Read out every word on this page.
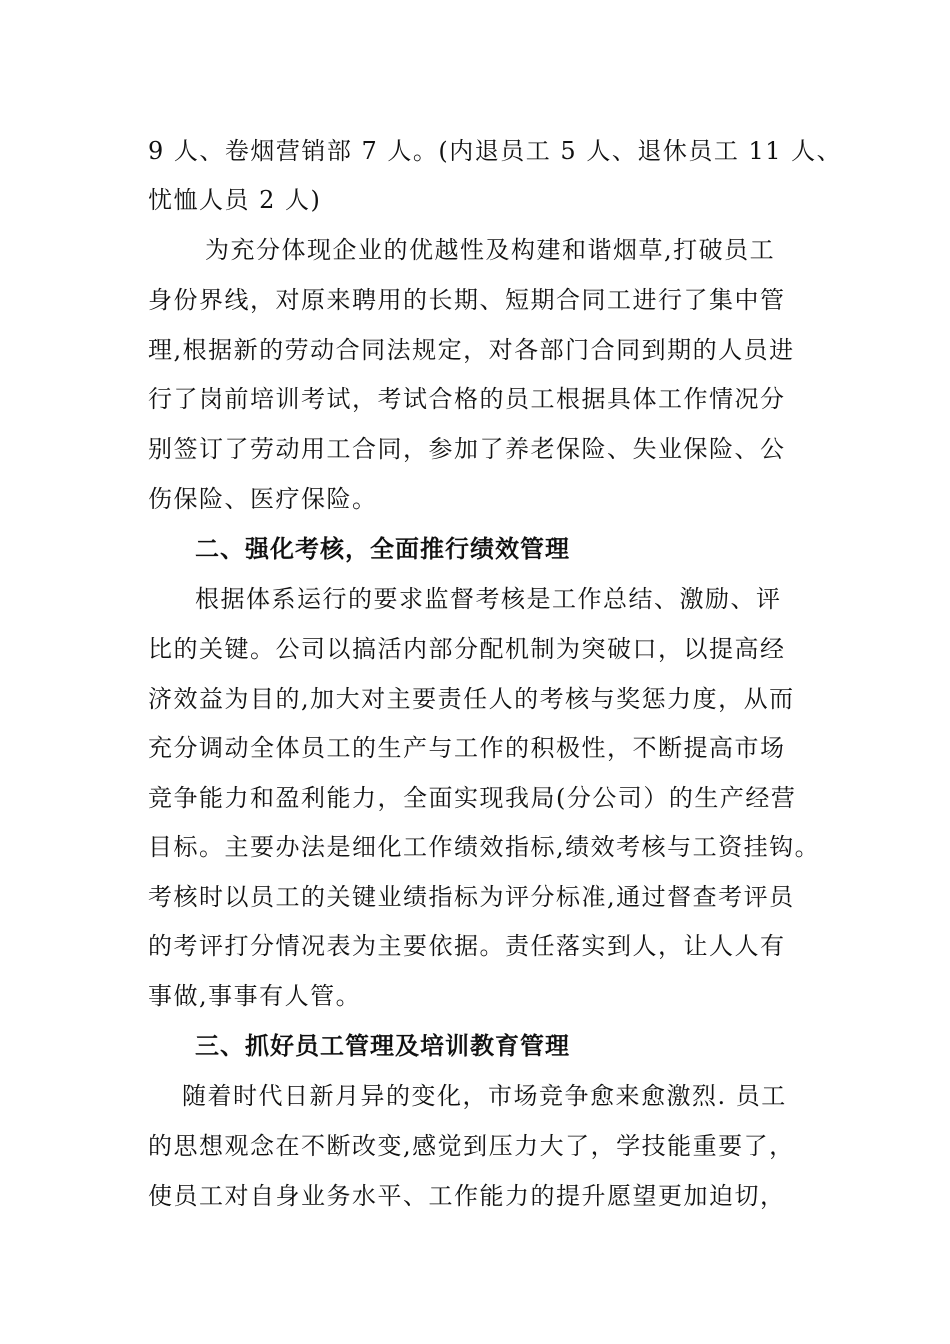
9 人、卷烟营销部 7 人。(内退员工 5 人、退休员工 11 人、
忧恤人员 2 人)
为充分体现企业的优越性及构建和谐烟草,打破员工
身份界线，对原来聘用的长期、短期合同工进行了集中管
理,根据新的劳动合同法规定，对各部门合同到期的人员进
行了岗前培训考试，考试合格的员工根据具体工作情况分
别签订了劳动用工合同，参加了养老保险、失业保险、公
伤保险、医疗保险。
二、强化考核，全面推行绩效管理
根据体系运行的要求监督考核是工作总结、激励、评
比的关键。公司以搞活内部分配机制为突破口，以提高经
济效益为目的,加大对主要责任人的考核与奖惩力度，从而
充分调动全体员工的生产与工作的积极性，不断提高市场
竞争能力和盈利能力，全面实现我局(分公司）的生产经营
目标。主要办法是细化工作绩效指标,绩效考核与工资挂钩。
考核时以员工的关键业绩指标为评分标准,通过督查考评员
的考评打分情况表为主要依据。责任落实到人，让人人有
事做,事事有人管。
三、抓好员工管理及培训教育管理
随着时代日新月异的变化，市场竞争愈来愈激烈. 员工
的思想观念在不断改变,感觉到压力大了，学技能重要了，
使员工对自身业务水平、工作能力的提升愿望更加迫切，
